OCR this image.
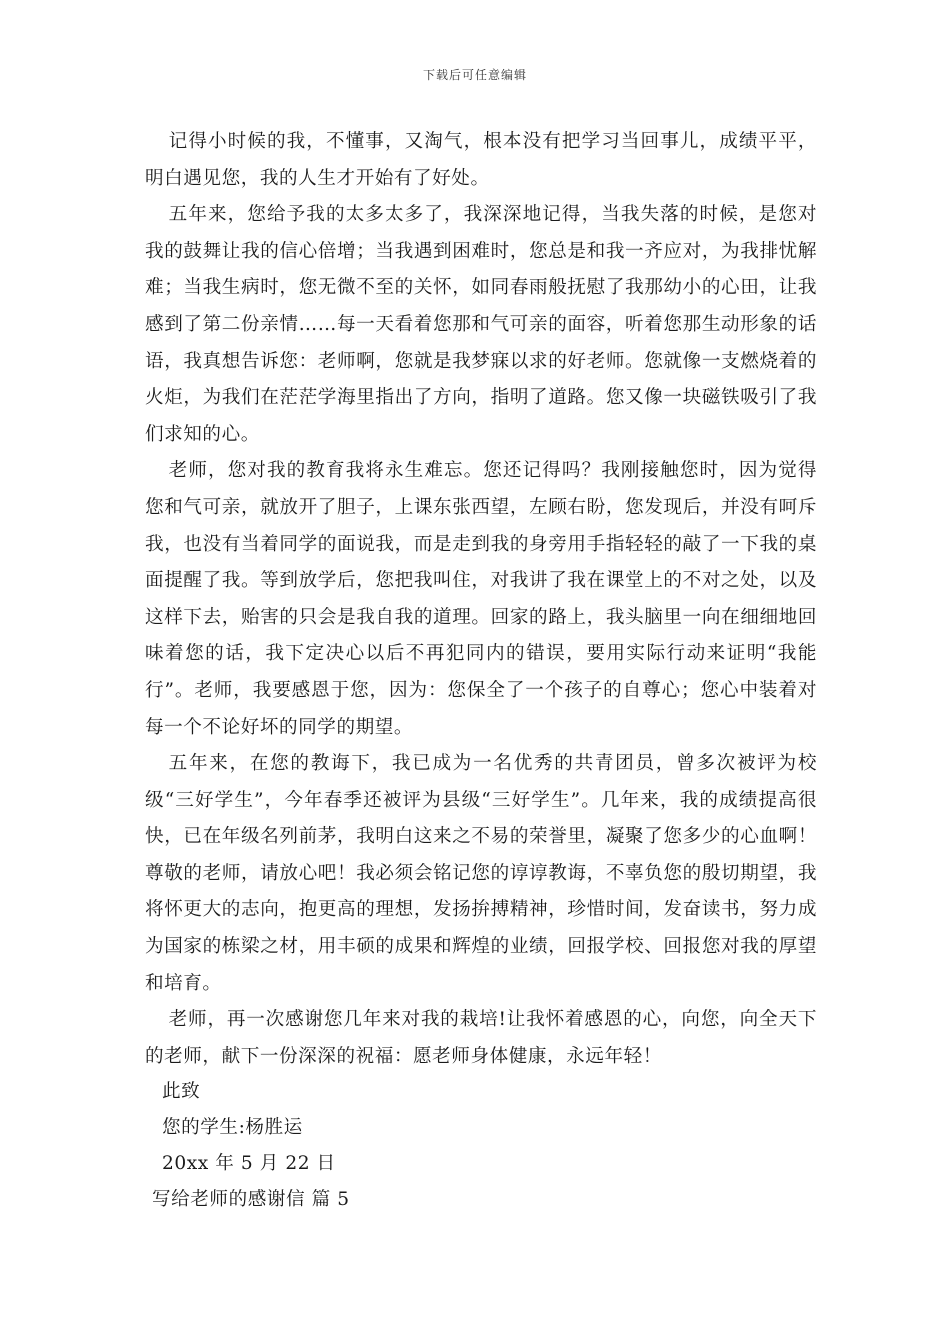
下载后可任意编辑

记得小时候的我，不懂事，又淘气，根本没有把学习当回事儿，成绩平平，明白遇见您，我的人生才开始有了好处。

五年来，您给予我的太多太多了，我深深地记得，当我失落的时候，是您对我的鼓舞让我的信心倍增；当我遇到困难时，您总是和我一齐应对，为我排忧解难；当我生病时，您无微不至的关怀，如同春雨般抚慰了我那幼小的心田，让我感到了第二份亲情……每一天看着您那和气可亲的面容，听着您那生动形象的话语，我真想告诉您：老师啊，您就是我梦寐以求的好老师。您就像一支燃烧着的火炬，为我们在茫茫学海里指出了方向，指明了道路。您又像一块磁铁吸引了我们求知的心。

老师，您对我的教育我将永生难忘。您还记得吗？我刚接触您时，因为觉得您和气可亲，就放开了胆子，上课东张西望，左顾右盼，您发现后，并没有呵斥我，也没有当着同学的面说我，而是走到我的身旁用手指轻轻的敲了一下我的桌面提醒了我。等到放学后，您把我叫住，对我讲了我在课堂上的不对之处，以及这样下去，贻害的只会是我自我的道理。回家的路上，我头脑里一向在细细地回味着您的话，我下定决心以后不再犯同内的错误，要用实际行动来证明“我能行”。老师，我要感恩于您，因为：您保全了一个孩子的自尊心；您心中装着对每一个不论好坏的同学的期望。

五年来，在您的教诲下，我已成为一名优秀的共青团员，曾多次被评为校级“三好学生”，今年春季还被评为县级“三好学生”。几年来，我的成绩提高很快，已在年级名列前茅，我明白这来之不易的荣誉里，凝聚了您多少的心血啊！尊敬的老师，请放心吧！我必须会铭记您的谆谆教诲，不辜负您的殷切期望，我将怀更大的志向，抱更高的理想，发扬拚搏精神，珍惜时间，发奋读书，努力成为国家的栋梁之材，用丰硕的成果和辉煌的业绩，回报学校、回报您对我的厚望和培育。

老师，再一次感谢您几年来对我的栽培!让我怀着感恩的心，向您，向全天下的老师，献下一份深深的祝福：愿老师身体健康，永远年轻！

此致
您的学生:杨胜运
20xx 年 5 月 22 日
写给老师的感谢信 篇 5
